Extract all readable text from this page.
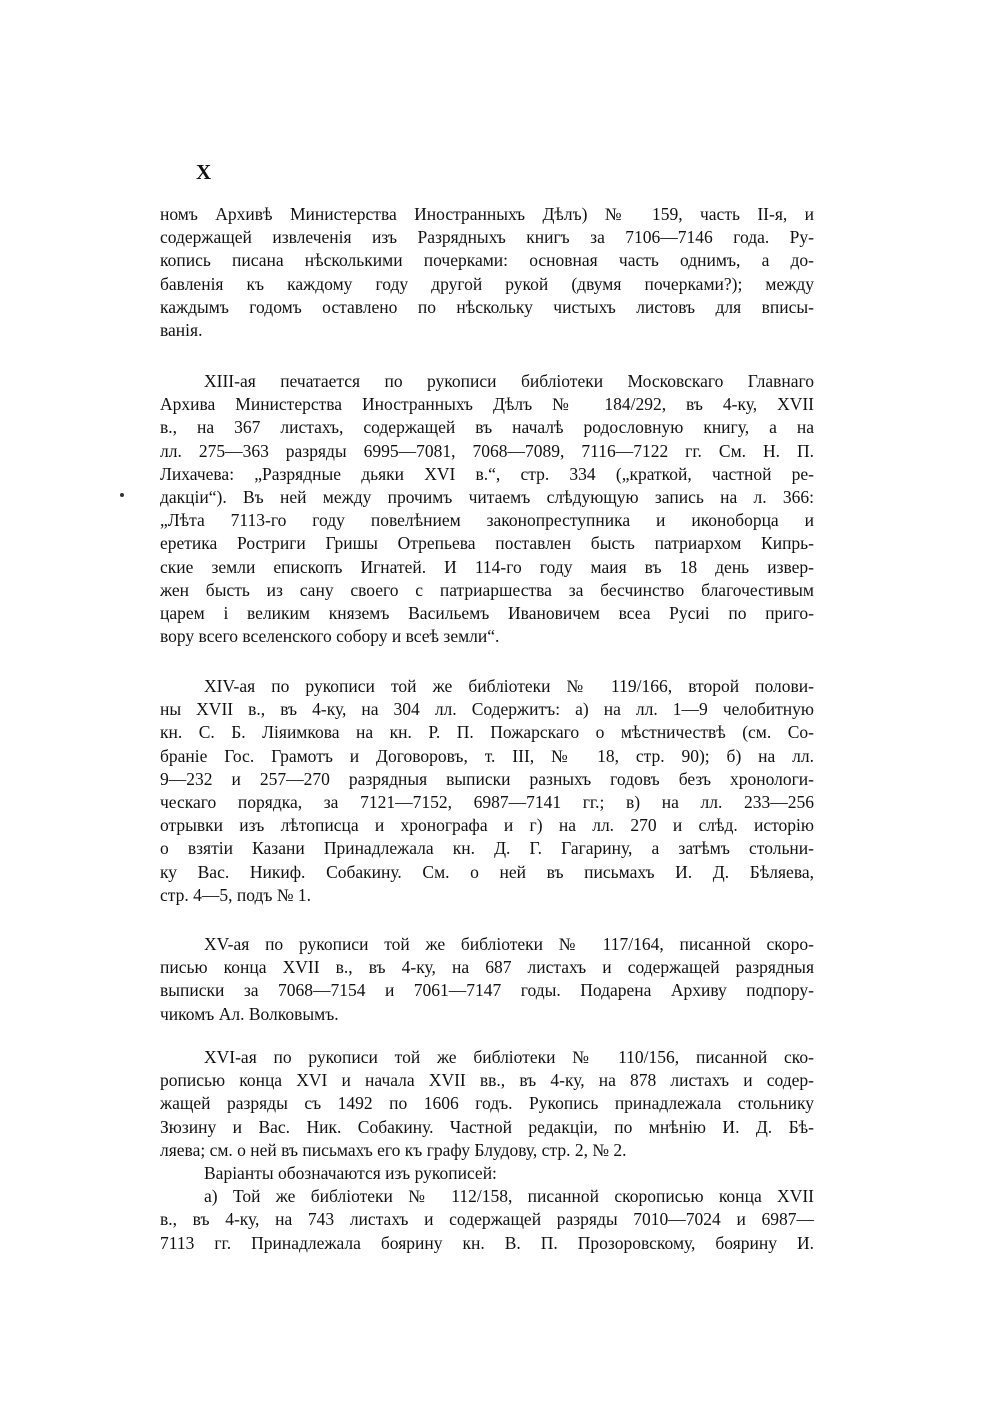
X
номъ Архивѣ Министерства Иностранныхъ Дѣлъ) № 159, часть II-я, и
содержащей извлеченія изъ Разрядныхъ книгъ за 7106—7146 года. Ру-
копись писана нѣсколькими почерками: основная часть однимъ, а до-
бавленія къ каждому году другой рукой (двумя почерками?); между
каждымъ годомъ оставлено по нѣскольку чистыхъ листовъ для вписы-
ванія.
XIII-ая печатается по рукописи библіотеки Московскаго Главнаго
Архива Министерства Иностранныхъ Дѣлъ № 184/292, въ 4-ку, XVII
в., на 367 листахъ, содержащей въ началѣ родословную книгу, а на
лл. 275—363 разряды 6995—7081, 7068—7089, 7116—7122 гг. См. Н. П.
Лихачева: „Разрядные дьяки XVI в.“, стр. 334 („краткой, частной ре-
дакціи“). Въ ней между прочимъ читаемъ слѣдующую запись на л. 366:
„Лѣта 7113-го году повелѣнием законопреступника и иконоборца и
еретика Ростриги Гришы Отрепьева поставлен бысть патриархом Кипрь-
ские земли епископъ Игнатей. И 114-го году маия въ 18 день извер-
жен бысть из сану своего с патриаршества за бесчинство благочестивым
царем і великим княземъ Васильемъ Ивановичем всеа Русиі по приго-
вору всего вселенского собору и всеѣ земли“.
XIV-ая по рукописи той же библіотеки № 119/166, второй полови-
ны XVII в., въ 4-ку, на 304 лл. Содержитъ: а) на лл. 1—9 челобитную
кн. С. Б. Ліяимкова на кн. Р. П. Пожарскаго о мѣстничествѣ (см. Со-
браніе Гос. Грамотъ и Договоровъ, т. III, № 18, стр. 90); б) на лл.
9—232 и 257—270 разрядныя выписки разныхъ годовъ безъ хронологи-
ческаго порядка, за 7121—7152, 6987—7141 гг.; в) на лл. 233—256
отрывки изъ лѣтописца и хронографа и г) на лл. 270 и слѣд. исторію
о взятіи Казани Принадлежала кн. Д. Г. Гагарину, а затѣмъ стольни-
ку Вас. Никиф. Собакину. См. о ней въ письмахъ И. Д. Бѣляева,
стр. 4—5, подъ № 1.
XV-ая по рукописи той же библіотеки № 117/164, писанной скоро-
писью конца XVII в., въ 4-ку, на 687 листахъ и содержащей разрядныя
выписки за 7068—7154 и 7061—7147 годы. Подарена Архиву подпору-
чикомъ Ал. Волковымъ.
XVI-ая по рукописи той же библіотеки № 110/156, писанной ско-
рописью конца XVI и начала XVII вв., въ 4-ку, на 878 листахъ и содер-
жащей разряды съ 1492 по 1606 годъ. Рукопись принадлежала стольнику
Зюзину и Вас. Ник. Собакину. Частной редакціи, по мнѣнію И. Д. Бѣ-
ляева; см. о ней въ письмахъ его къ графу Блудову, стр. 2, № 2.
Варіанты обозначаются изъ рукописей:
а) Той же библіотеки № 112/158, писанной скорописью конца XVII
в., въ 4-ку, на 743 листахъ и содержащей разряды 7010—7024 и 6987—
7113 гг. Принадлежала боярину кн. В. П. Прозоровскому, боярину И.
